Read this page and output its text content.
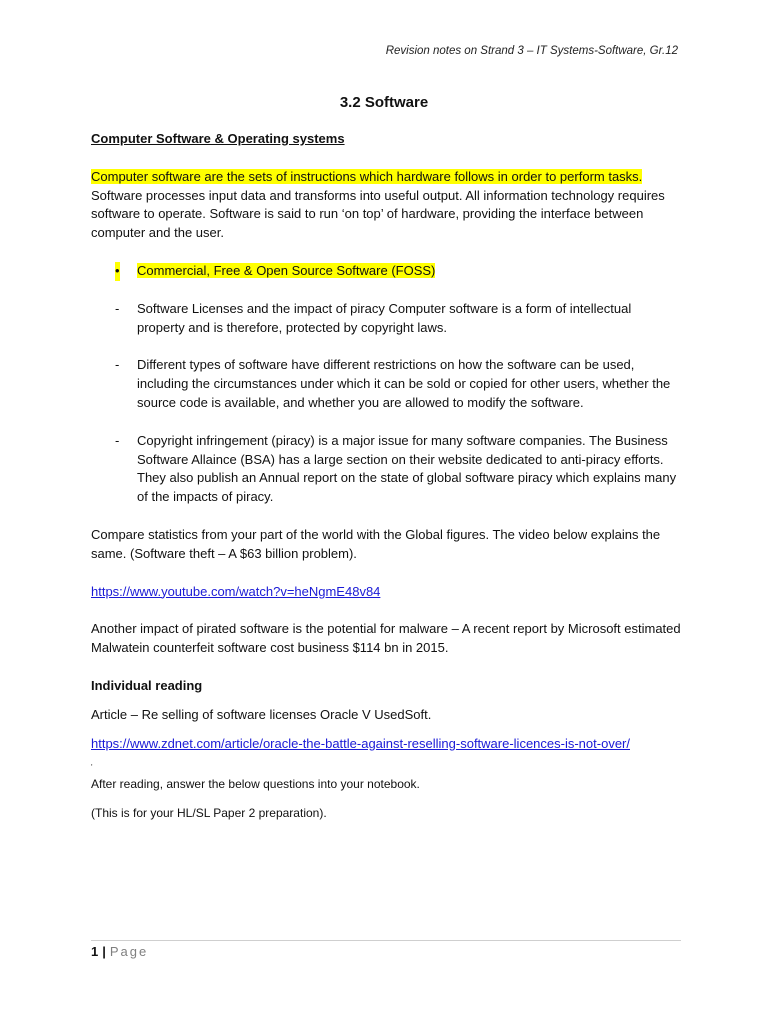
Revision notes on Strand 3 – IT Systems-Software, Gr.12
3.2 Software
Computer Software & Operating systems
Computer software are the sets of instructions which hardware follows in order to perform tasks. Software processes input data and transforms into useful output. All information technology requires software to operate. Software is said to run ‘on top’ of hardware, providing the interface between computer and the user.
• Commercial, Free & Open Source Software (FOSS)
- Software Licenses and the impact of piracy Computer software is a form of intellectual property and is therefore, protected by copyright laws.
- Different types of software have different restrictions on how the software can be used, including the circumstances under which it can be sold or copied for other users, whether the source code is available, and whether you are allowed to modify the software.
- Copyright infringement (piracy) is a major issue for many software companies. The Business Software Allaince (BSA) has a large section on their website dedicated to anti-piracy efforts. They also publish an Annual report on the state of global software piracy which explains many of the impacts of piracy.
Compare statistics from your part of the world with the Global figures. The video below explains the same. (Software theft – A $63 billion problem).
https://www.youtube.com/watch?v=heNgmE48v84
Another impact of pirated software is the potential for malware – A recent report by Microsoft estimated Malwatein counterfeit software cost business $114 bn in 2015.
Individual reading
Article – Re selling of software licenses Oracle V UsedSoft.
https://www.zdnet.com/article/oracle-the-battle-against-reselling-software-licences-is-not-over/
'
After reading, answer the below questions into your notebook.
(This is for your HL/SL Paper 2 preparation).
1 | Page
